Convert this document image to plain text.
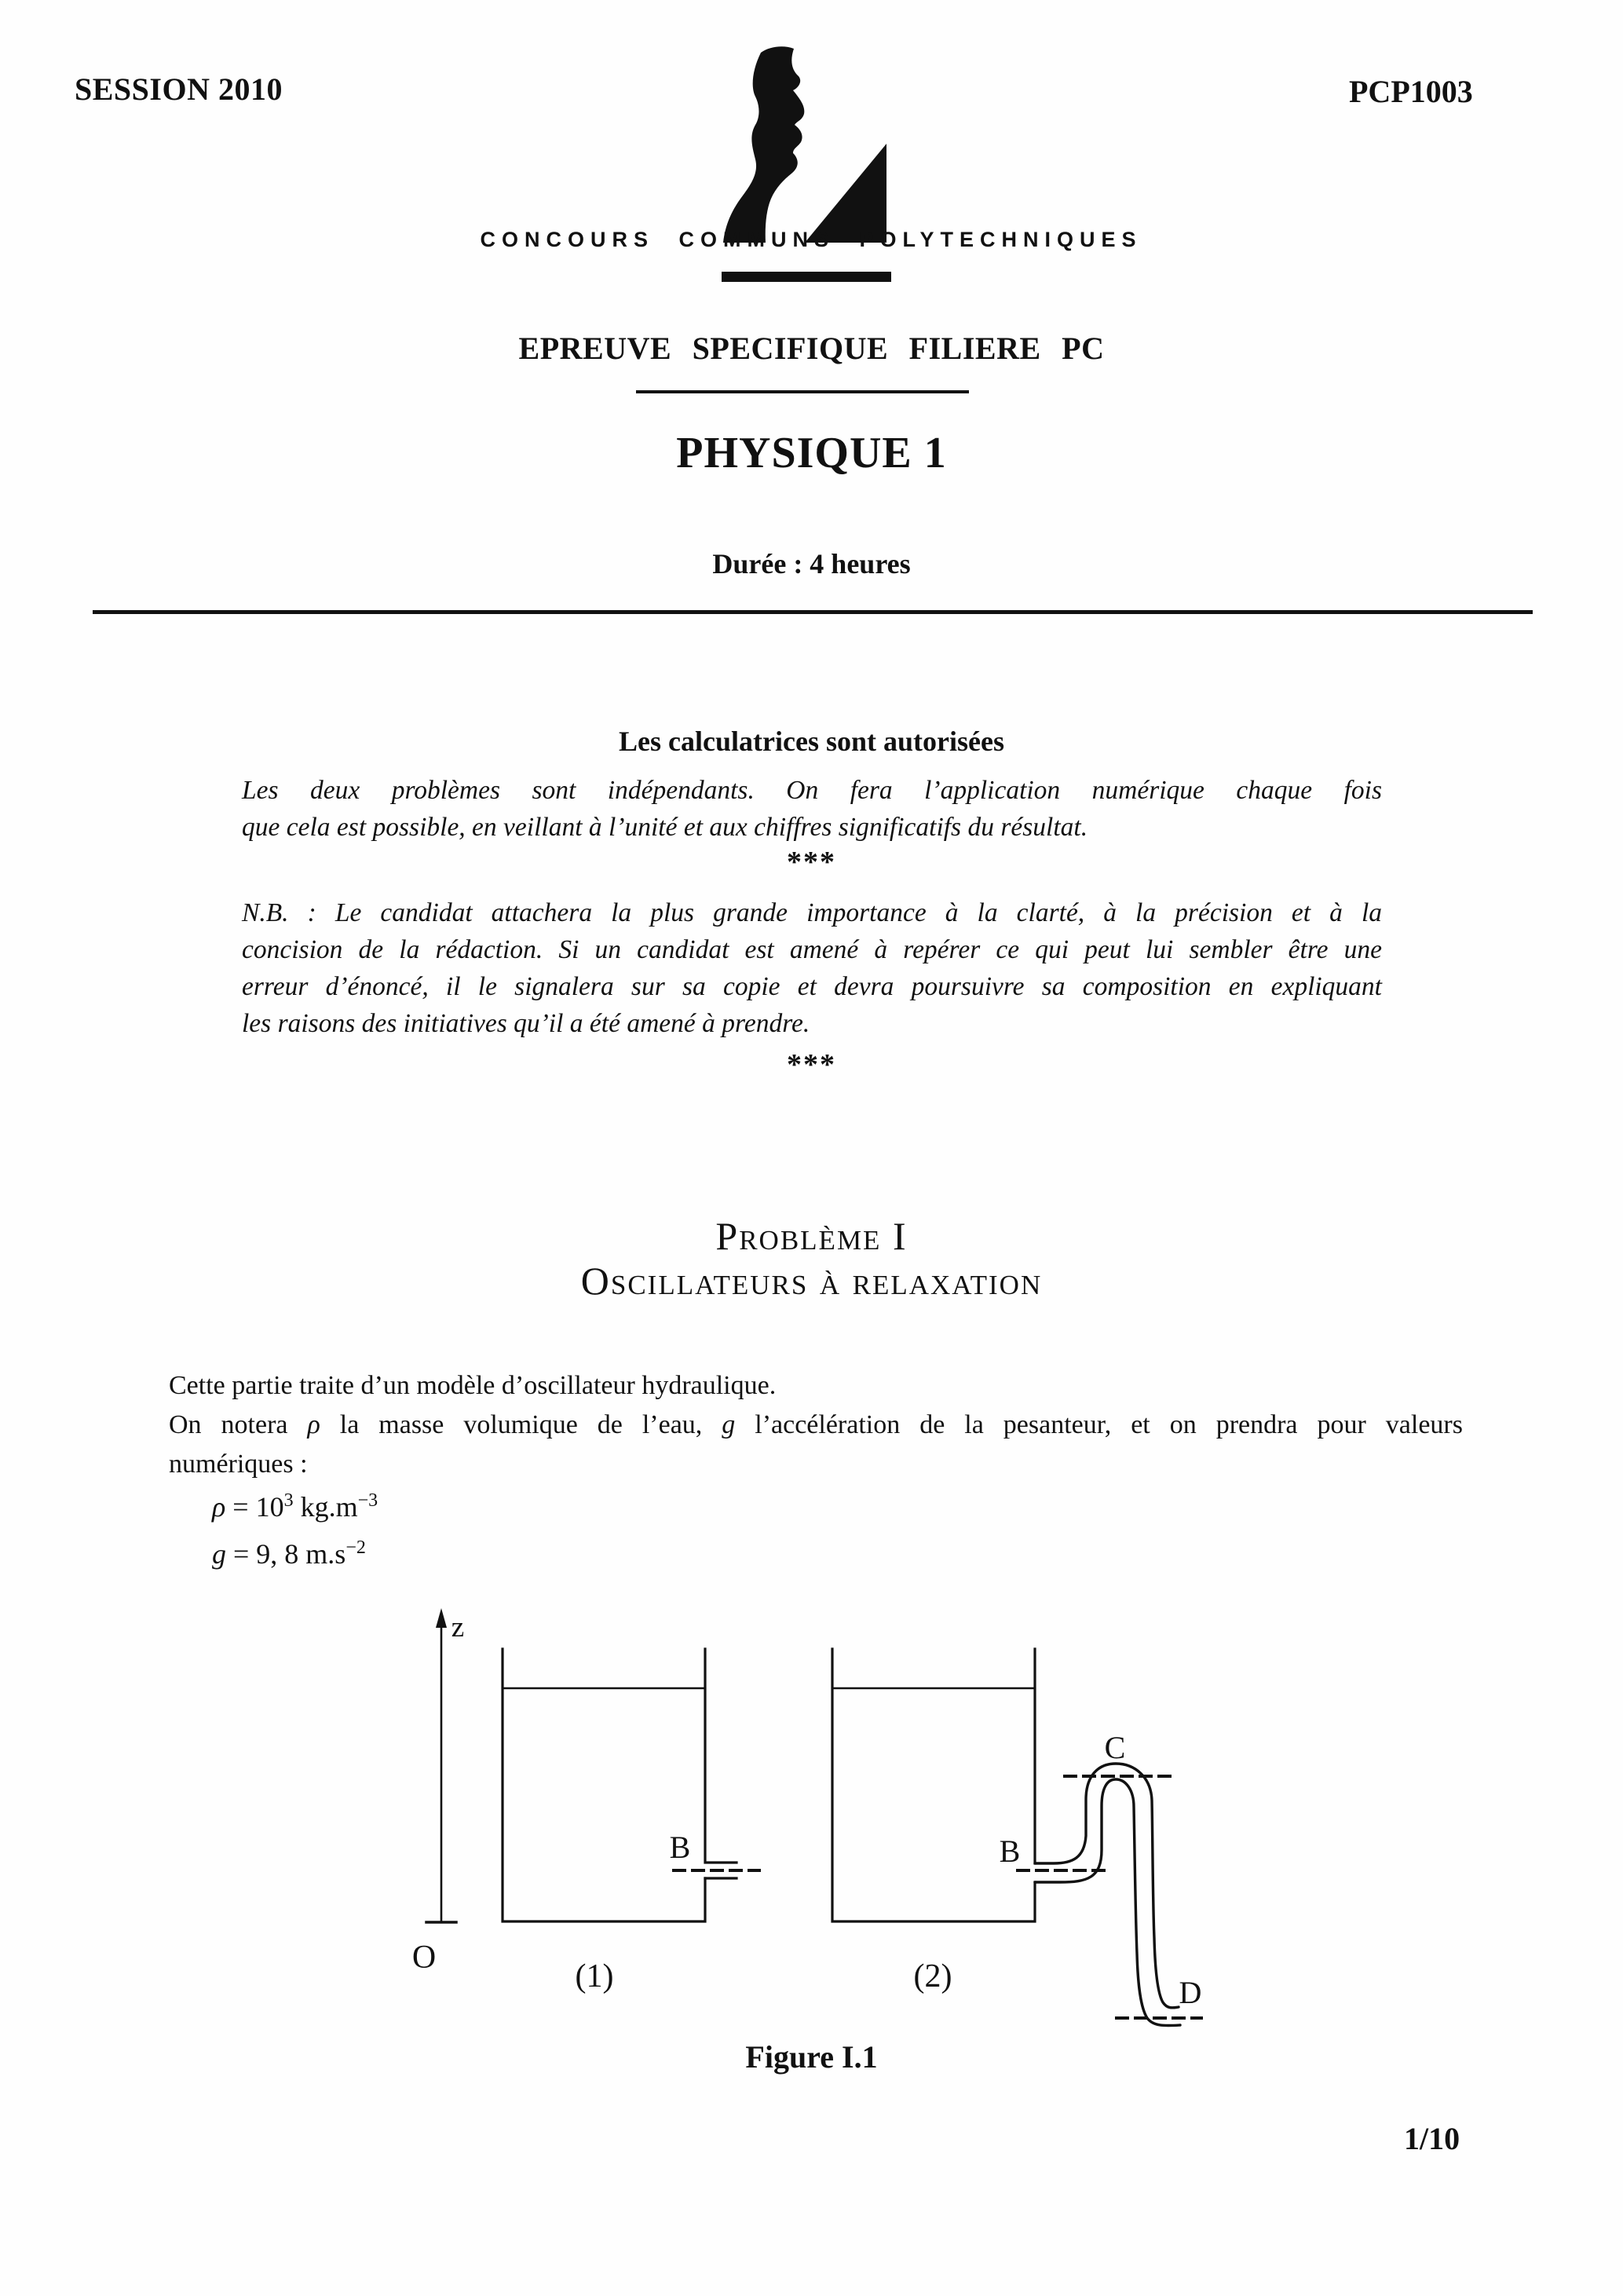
SESSION 2010	PCP1003
CONCOURS COMMUNS POLYTECHNIQUES
EPREUVE SPECIFIQUE FILIERE PC
PHYSIQUE 1
Durée : 4 heures
Les calculatrices sont autorisées
Les deux problèmes sont indépendants. On fera l’application numérique chaque fois
que cela est possible, en veillant à l’unité et aux chiffres significatifs du résultat.
***
N.B. : Le candidat attachera la plus grande importance à la clarté, à la précision et à la
concision de la rédaction. Si un candidat est amené à repérer ce qui peut lui sembler être une
erreur d’énoncé, il le signalera sur sa copie et devra poursuivre sa composition en expliquant
les raisons des initiatives qu’il a été amené à prendre.
***
Problème I
Oscillateurs à relaxation
Cette partie traite d’un modèle d’oscillateur hydraulique.
On notera ρ la masse volumique de l’eau, g l’accélération de la pesanteur, et on prendra pour valeurs
numériques :
$\rho = 10^3$ $kg.m^{-3}$
g = 9, 8 $m.s^{-2}$
z
O
B	B
C
D
(1)	(2)
Figure I.1
1/10
